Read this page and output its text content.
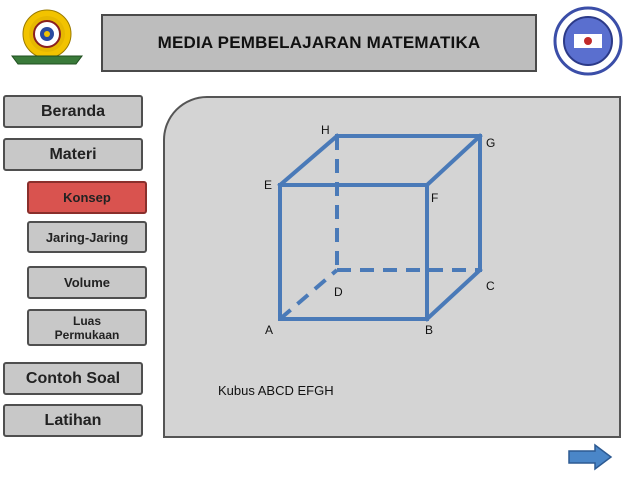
MEDIA PEMBELAJARAN MATEMATIKA
Beranda
Materi
Konsep
Jaring-Jaring
Volume
Luas
Permukaan
Contoh Soal
Latihan
A	B
C
D
E
F
G
H
Kubus ABCD EFGH
